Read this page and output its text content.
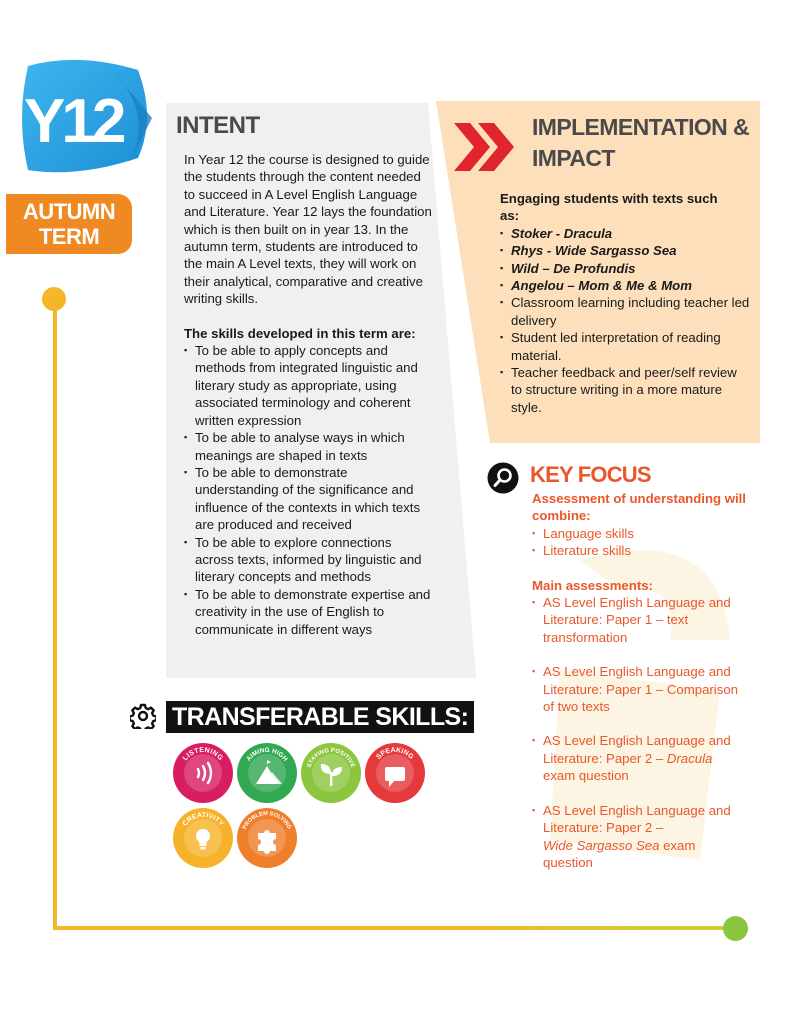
Y12
AUTUMN
TERM
INTENT

In Year 12 the course is designed to guide the students through the content needed to succeed in A Level English Language and Literature. Year 12 lays the foundation which is then built on in year 13. In the autumn term, students are introduced to the main A Level texts, they will work on their analytical, comparative and creative writing skills.

The skills developed in this term are:

▪ To be able to apply concepts and methods from integrated linguistic and literary study as appropriate, using associated terminology and coherent written expression
▪ To be able to analyse ways in which meanings are shaped in texts
▪ To be able to demonstrate understanding of the significance and influence of the contexts in which texts are produced and received
▪ To be able to explore connections across texts, informed by linguistic and literary concepts and methods
▪ To be able to demonstrate expertise and creativity in the use of English to communicate in different ways
IMPLEMENTATION &
IMPACT
Engaging students with texts such
as:
▪ Stoker - Dracula
▪ Rhys - Wide Sargasso Sea
▪ Wild – De Profundis
▪ Angelou – Mom & Me & Mom
▪ Classroom learning including teacher led delivery
▪ Student led interpretation of reading material.
▪ Teacher feedback and peer/self review to structure writing in a more mature style.
KEY FOCUS
Assessment of understanding will combine:
▪ Language skills
▪ Literature skills
Main assessments:
▪ AS Level English Language and Literature: Paper 1 – text transformation
▪ AS Level English Language and Literature: Paper 1 – Comparison of two texts
▪ AS Level English Language and Literature: Paper 2 – Dracula exam question
▪ AS Level English Language and Literature: Paper 2 –
Wide Sargasso Sea exam question
TRANSFERABLE SKILLS:
LISTENING	AIMING HIGH
STAYING POSITIVE
SPEAKING
CREATIVITY	PROBLEM SOLVING
